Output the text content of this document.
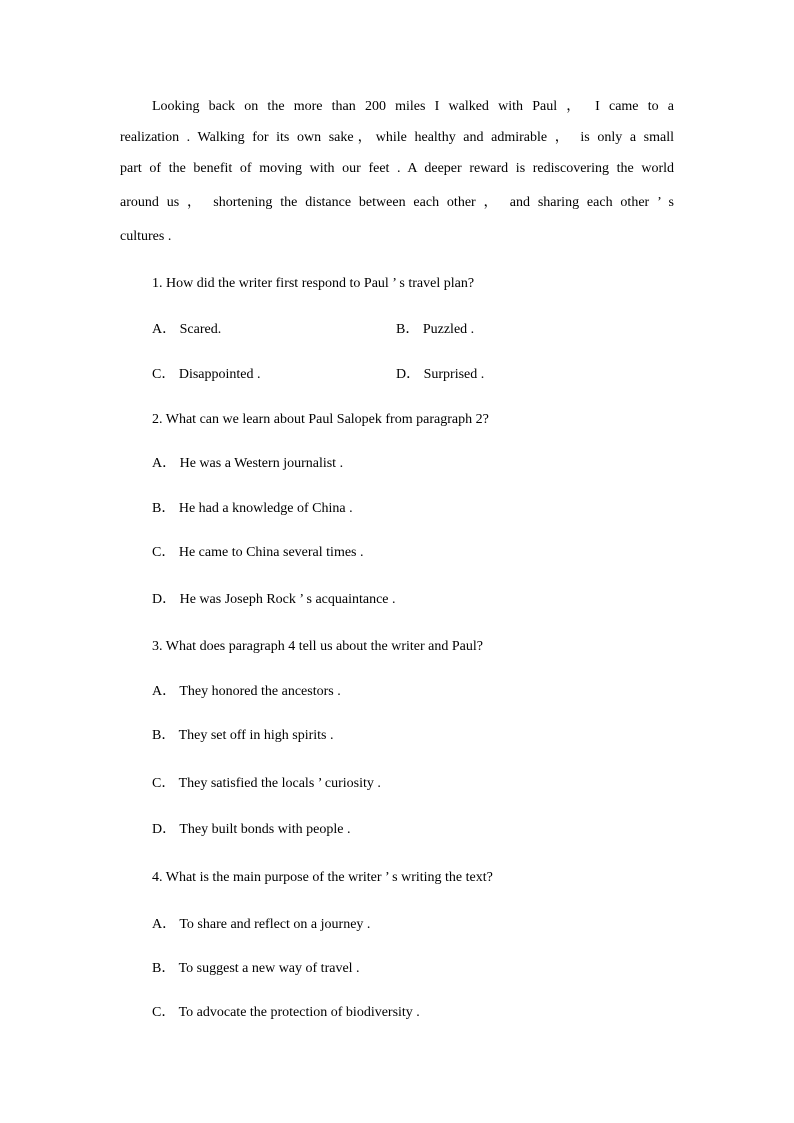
Looking back on the more than 200 miles I walked with Paul ， I came to a
realization . Walking for its own sake，while healthy and admirable ， is only a small
part of the benefit of moving with our feet . A deeper reward is rediscovering the world
around us ， shortening the distance between each other ， and sharing each other ’ s
cultures .
1. How did the writer first respond to Paul ’ s travel plan?
A． Scared.	B． Puzzled .
C． Disappointed .	D． Surprised .
2. What can we learn about Paul Salopek from paragraph 2?
A． He was a Western journalist .
B． He had a knowledge of China .
C． He came to China several times .
D． He was Joseph Rock ’ s acquaintance .
3. What does paragraph 4 tell us about the writer and Paul?
A． They honored the ancestors .
B． They set off in high spirits .
C． They satisfied the locals ’ curiosity .
D． They built bonds with people .
4. What is the main purpose of the writer ’ s writing the text?
A． To share and reflect on a journey .
B． To suggest a new way of travel .
C． To advocate the protection of biodiversity .
